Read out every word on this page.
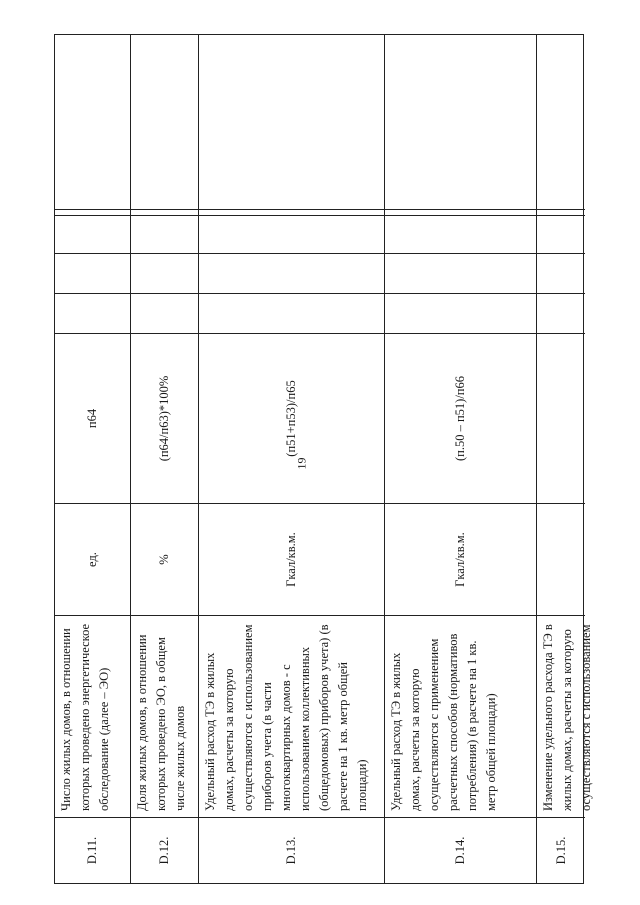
19
D.11.
Число жилых домов, в отношении которых проведено энергетическое обследование (далее – ЭО)
ед.
п64
D.12.
Доля жилых домов, в отношении которых проведено ЭО, в общем числе жилых домов
%
(п64/п63)*100%
D.13.
Удельный расход ТЭ в жилых домах, расчеты за которую осуществляются с использованием приборов учета (в части многоквартирных домов - с использованием коллективных (общедомовых) приборов учета) (в расчете на 1 кв. метр общей площади)
Гкал/кв.м.
(п51+п53)/п65
D.14.
Удельный расход ТЭ в жилых домах, расчеты за которую осуществляются с применением расчетных способов (нормативов потребления) (в расчете на 1 кв. метр общей площади)
Гкал/кв.м.
(п.50 – п51)/п66
D.15.
Изменение удельного расхода ТЭ в жилых домах, расчеты за которую осуществляются с использованием
